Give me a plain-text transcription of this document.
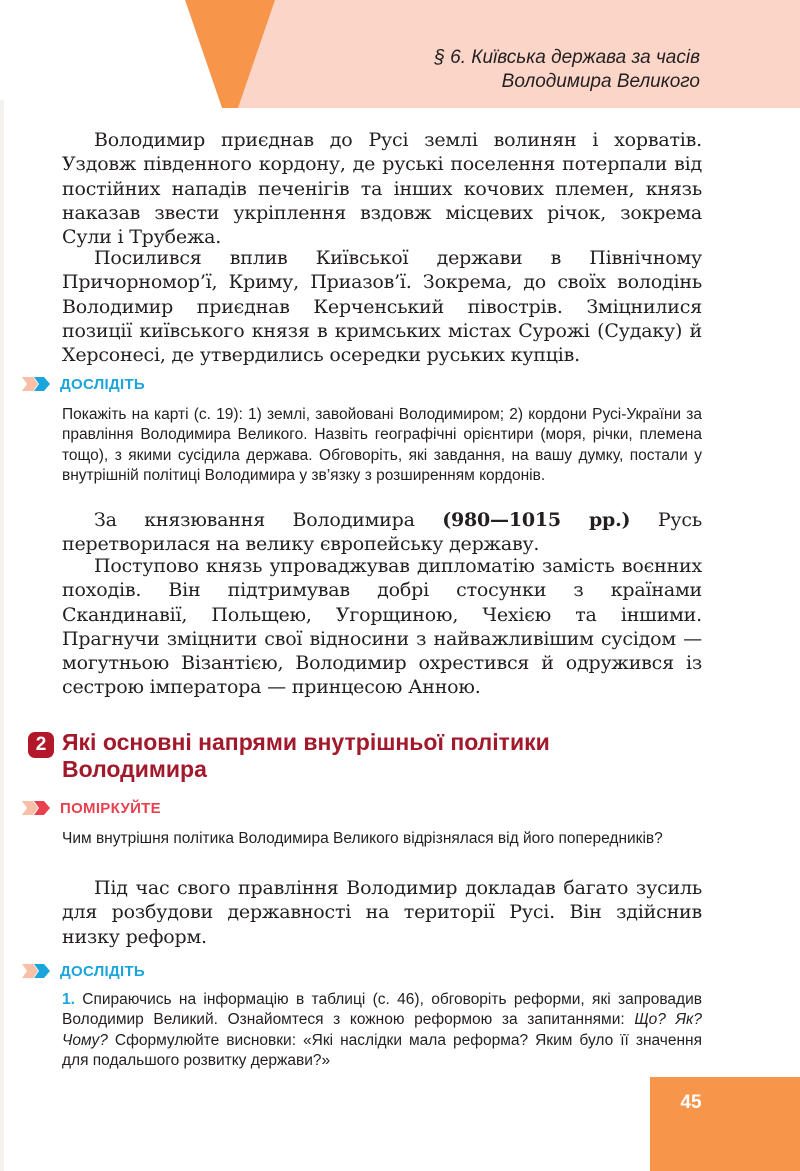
§ 6. Київська держава за часів
Володимира Великого

Володимир приєднав до Русі землі волинян і хорватів. Уздовж південного кордону, де руські поселення потерпали від постійних нападів печенігів та інших кочових племен, князь наказав звести укріплення вздовж місцевих річок, зокрема Сули і Трубежа.

Посилився вплив Київської держави в Північному Причорномор’ї, Криму, Приазов’ї. Зокрема, до своїх володінь Володимир приєднав Керченський півострів. Зміцнилися позиції київського князя в кримських містах Сурожі (Судаку) й Херсонесі, де утвердились осередки руських купців.

ДОСЛІДІТЬ

Покажіть на карті (с. 19): 1) землі, завойовані Володимиром; 2) кордони Русі-України за правління Володимира Великого. Назвіть географічні орієнтири (моря, річки, племена тощо), з якими сусідила держава. Обговоріть, які завдання, на вашу думку, постали у внутрішній політиці Володимира у зв’язку з розширенням кордонів.

За князювання Володимира (980—1015 рр.) Русь перетворилася на велику європейську державу.

Поступово князь упроваджував дипломатію замість воєнних походів. Він підтримував добрі стосунки з країнами Скандинавії, Польщею, Угорщиною, Чехією та іншими. Прагнучи зміцнити свої відносини з найважливішим сусідом — могутньою Візантією, Володимир охрестився й одружився із сестрою імператора — принцесою Анною.

2 Які основні напрями внутрішньої політики
Володимира
ПОМІРКУЙТЕ

Чим внутрішня політика Володимира Великого відрізнялася від його попередників?

Під час свого правління Володимир докладав багато зусиль для розбудови державності на території Русі. Він здійснив низку реформ.

ДОСЛІДІТЬ

1. Спираючись на інформацію в таблиці (с. 46), обговоріть реформи, які запровадив Володимир Великий. Ознайомтеся з кожною реформою за запитаннями: Що? Як? Чому? Сформулюйте висновки: «Які наслідки мала реформа? Яким було її значення для подальшого розвитку держави?»

45
